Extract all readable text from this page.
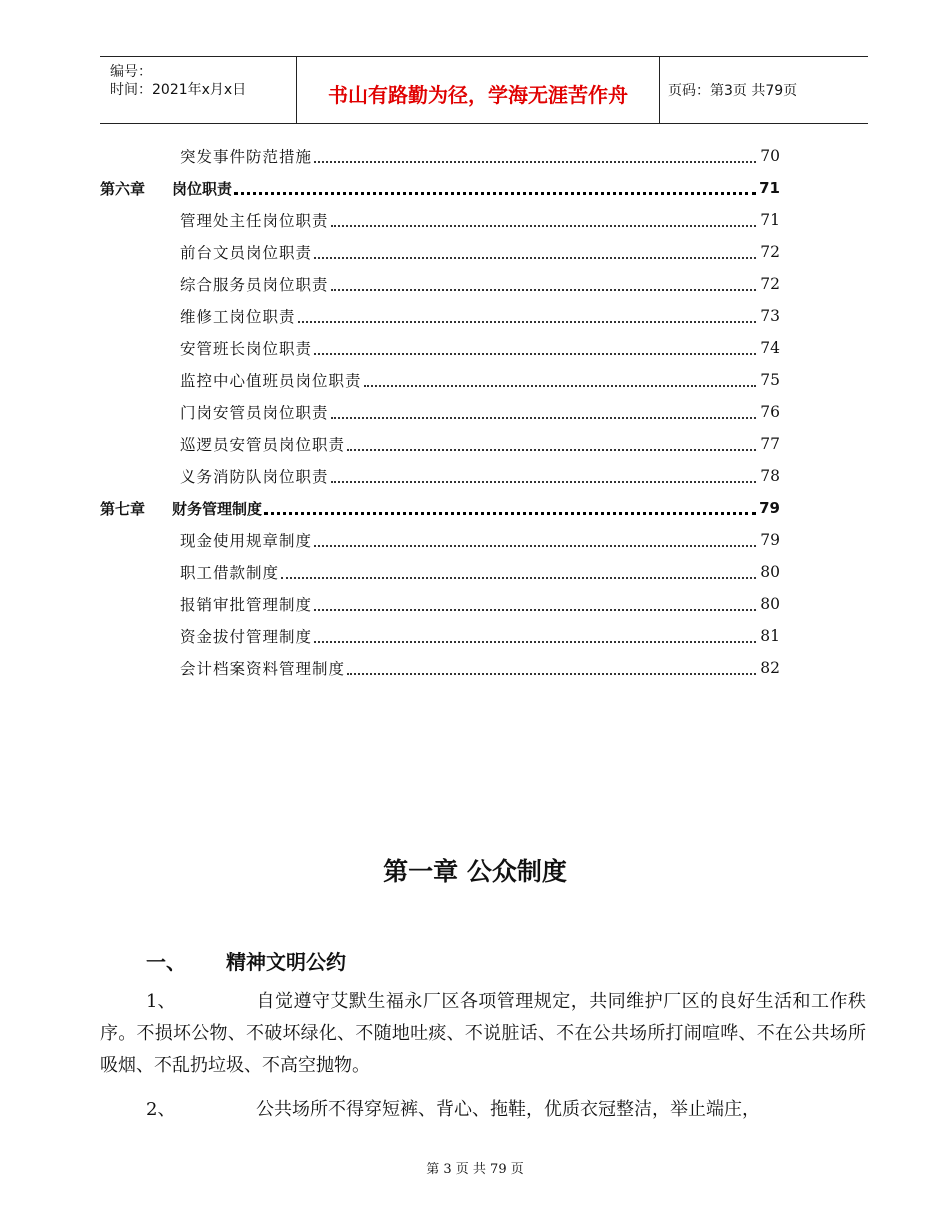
编号：
时间：2021年x月x日	书山有路勤为径，学海无涯苦作舟	页码：第3页 共79页
突发事件防范措施	70
第六章	岗位职责	71
管理处主任岗位职责	71
前台文员岗位职责	72
综合服务员岗位职责	72
维修工岗位职责	73
安管班长岗位职责	74
监控中心值班员岗位职责	75
门岗安管员岗位职责	76
巡逻员安管员岗位职责	77
义务消防队岗位职责	78
第七章	财务管理制度	79
现金使用规章制度	79
职工借款制度	80
报销审批管理制度	80
资金拔付管理制度	81
会计档案资料管理制度	82
第一章 公众制度
一、 精神文明公约
1、	自觉遵守艾默生福永厂区各项管理规定，共同维护厂区的良好生活和工作秩序。不损坏公物、不破坏绿化、不随地吐痰、不说脏话、不在公共场所打闹喧哗、不在公共场所吸烟、不乱扔垃圾、不高空抛物。
2、	公共场所不得穿短裤、背心、拖鞋，优质衣冠整洁，举止端庄，
第 3 页 共 79 页
